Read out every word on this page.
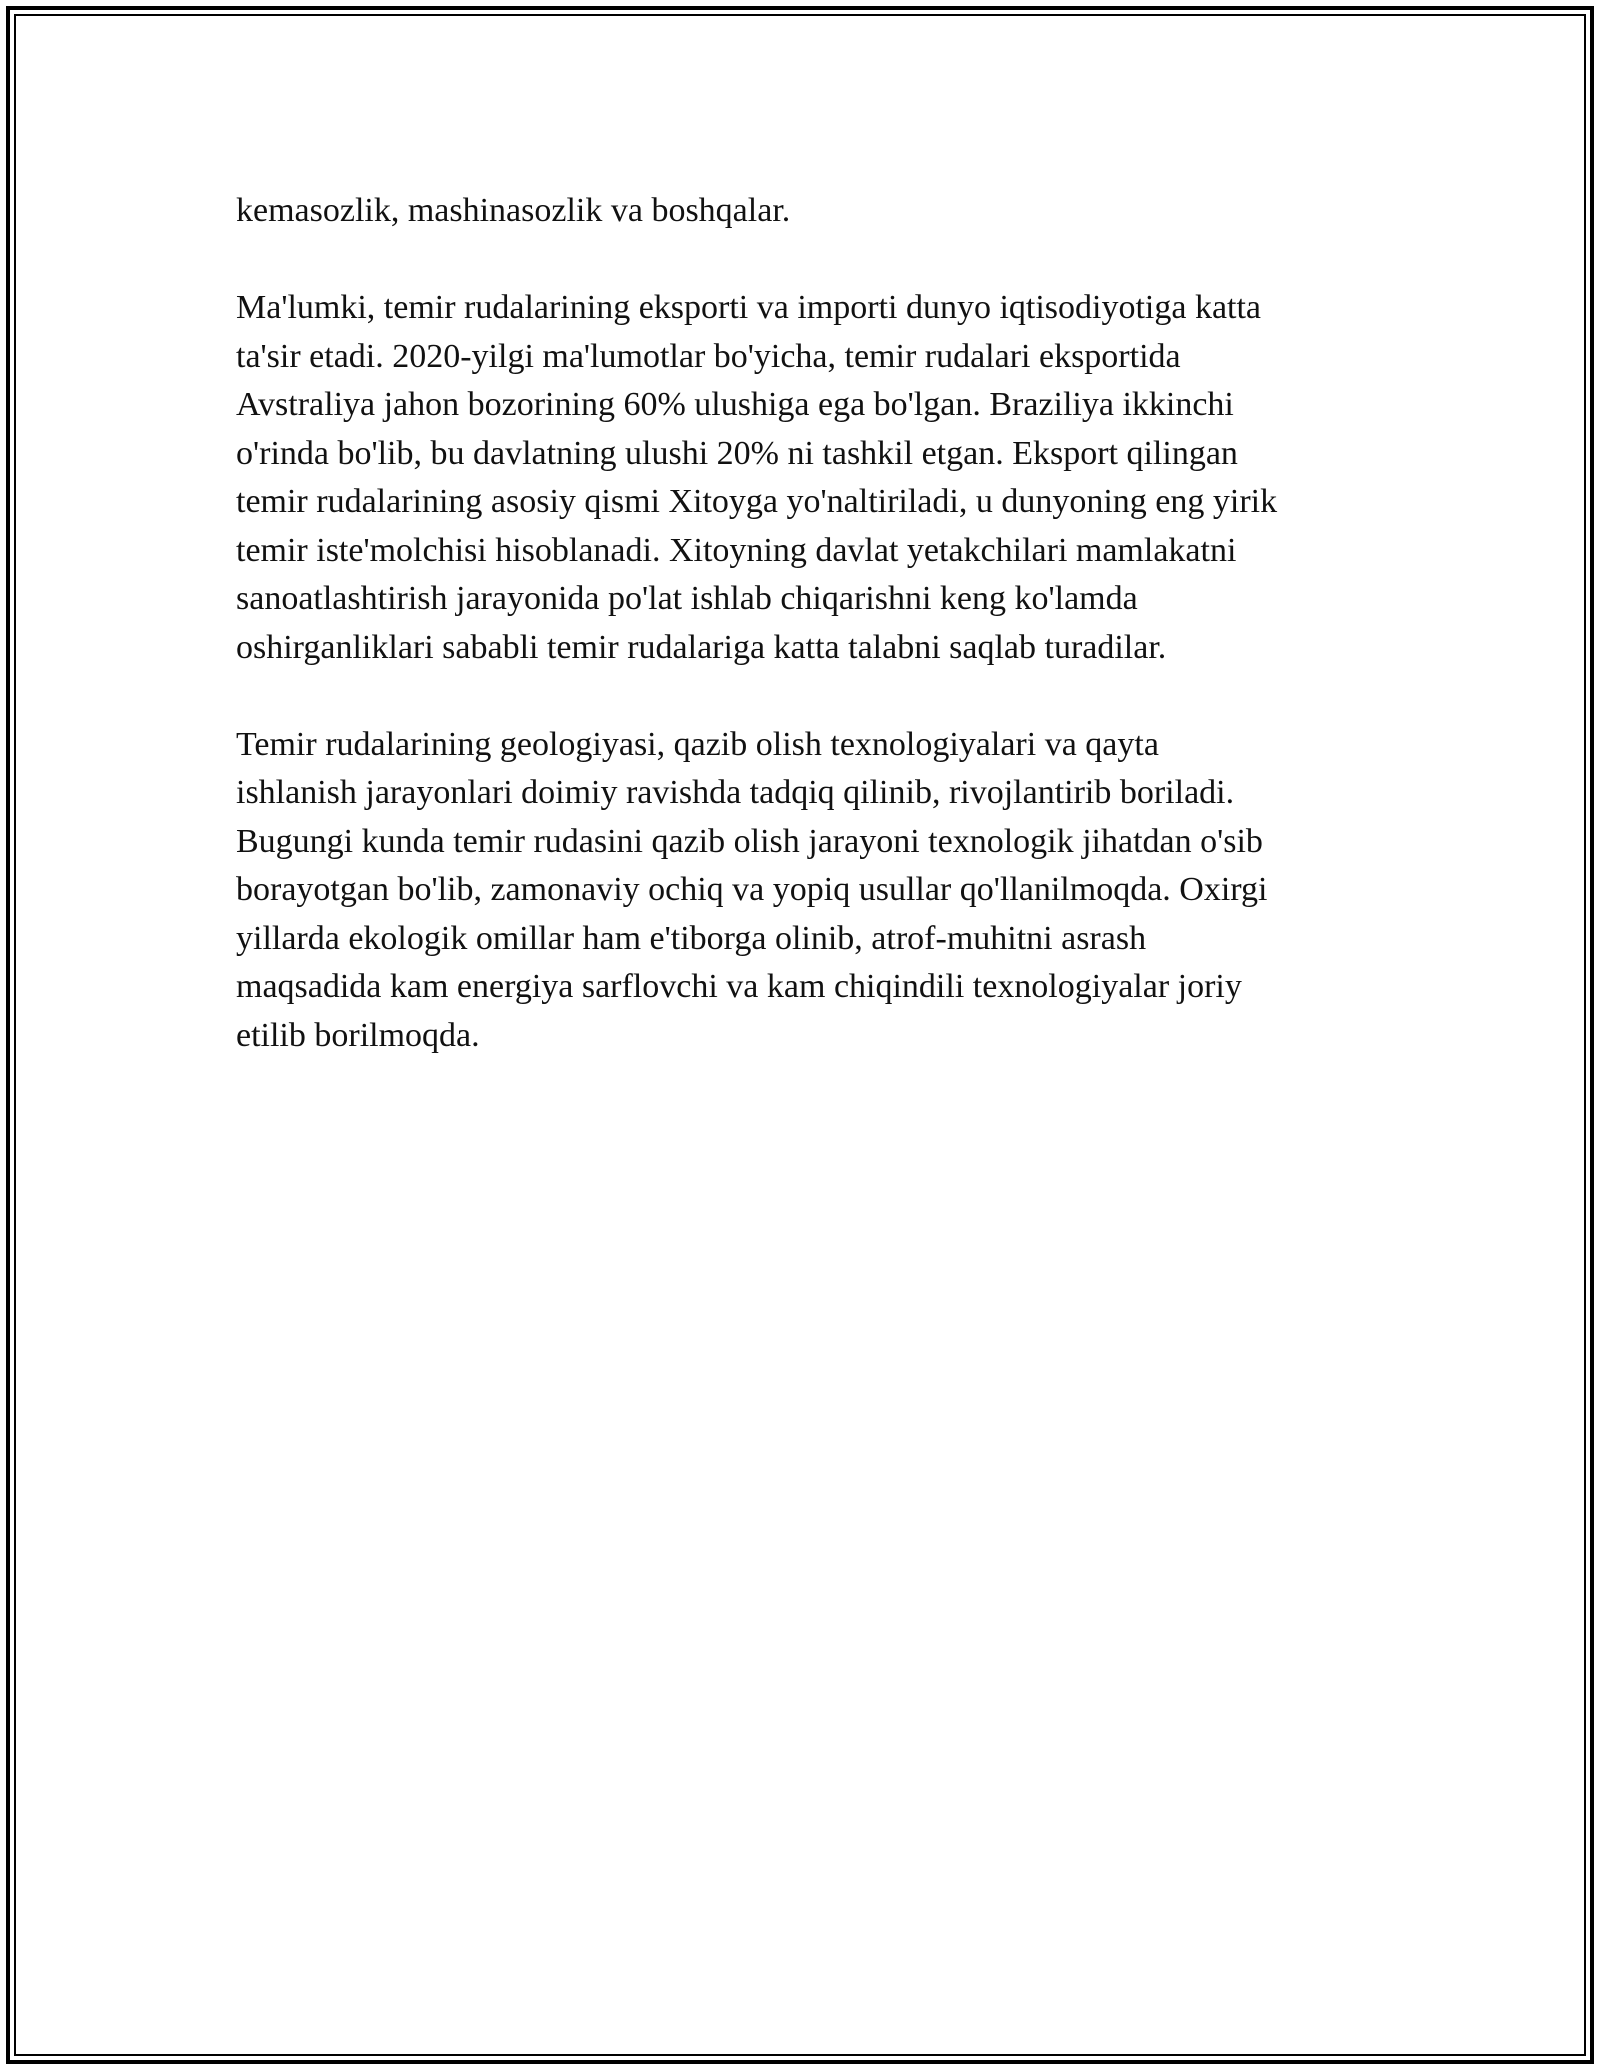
kemasozlik, mashinasozlik va boshqalar.

Ma'lumki, temir rudalarining eksporti va importi dunyo iqtisodiyotiga katta
ta'sir etadi. 2020-yilgi ma'lumotlar bo'yicha, temir rudalari eksportida
Avstraliya jahon bozorining 60% ulushiga ega bo'lgan. Braziliya ikkinchi
o'rinda bo'lib, bu davlatning ulushi 20% ni tashkil etgan. Eksport qilingan
temir rudalarining asosiy qismi Xitoyga yo'naltiriladi, u dunyoning eng yirik
temir iste'molchisi hisoblanadi. Xitoyning davlat yetakchilari mamlakatni
sanoatlashtirish jarayonida po'lat ishlab chiqarishni keng ko'lamda
oshirganliklari sababli temir rudalariga katta talabni saqlab turadilar.

Temir rudalarining geologiyasi, qazib olish texnologiyalari va qayta
ishlanish jarayonlari doimiy ravishda tadqiq qilinib, rivojlantirib boriladi.
Bugungi kunda temir rudasini qazib olish jarayoni texnologik jihatdan o'sib
borayotgan bo'lib, zamonaviy ochiq va yopiq usullar qo'llanilmoqda. Oxirgi
yillarda ekologik omillar ham e'tiborga olinib, atrof-muhitni asrash
maqsadida kam energiya sarflovchi va kam chiqindili texnologiyalar joriy
etilib borilmoqda.
